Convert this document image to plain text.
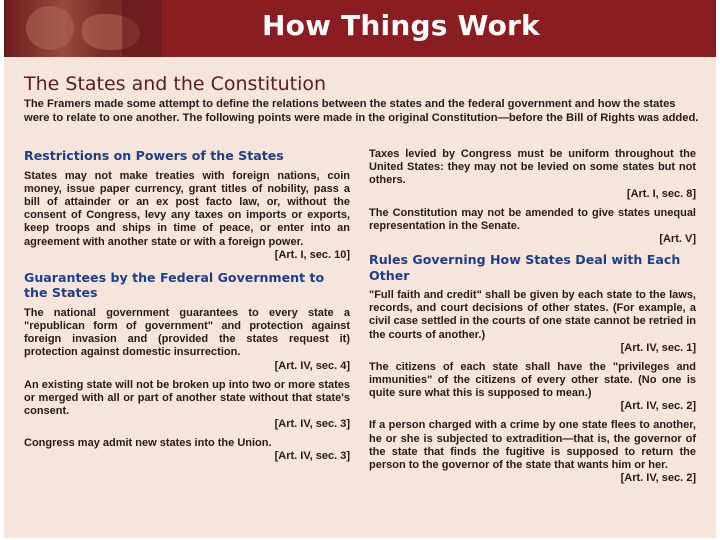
How Things Work
The States and the Constitution

The Framers made some attempt to define the relations between the states and the federal government and how the states were to relate to one another. The following points were made in the original Constitution—before the Bill of Rights was added.

Restrictions on Powers of the States

States may not make treaties with foreign nations, coin money, issue paper currency, grant titles of nobility, pass a bill of attainder or an ex post facto law, or, without the consent of Congress, levy any taxes on imports or exports, keep troops and ships in time of peace, or enter into an agreement with another state or with a foreign power.

[Art. I, sec. 10]

Guarantees by the Federal Government to the States

The national government guarantees to every state a "republican form of government" and protection against foreign invasion and (provided the states request it) protection against domestic insurrection.

[Art. IV, sec. 4]

An existing state will not be broken up into two or more states or merged with all or part of another state without that state's consent.

[Art. IV, sec. 3]

Congress may admit new states into the Union.

[Art. IV, sec. 3]

Taxes levied by Congress must be uniform throughout the United States: they may not be levied on some states but not others.

[Art. I, sec. 8]

The Constitution may not be amended to give states unequal representation in the Senate.

[Art. V]

Rules Governing How States Deal with Each Other

"Full faith and credit" shall be given by each state to the laws, records, and court decisions of other states. (For example, a civil case settled in the courts of one state cannot be retried in the courts of another.)

[Art. IV, sec. 1]

The citizens of each state shall have the "privileges and immunities" of the citizens of every other state. (No one is quite sure what this is supposed to mean.)

[Art. IV, sec. 2]

If a person charged with a crime by one state flees to another, he or she is subjected to extradition—that is, the governor of the state that finds the fugitive is supposed to return the person to the governor of the state that wants him or her.

[Art. IV, sec. 2]
